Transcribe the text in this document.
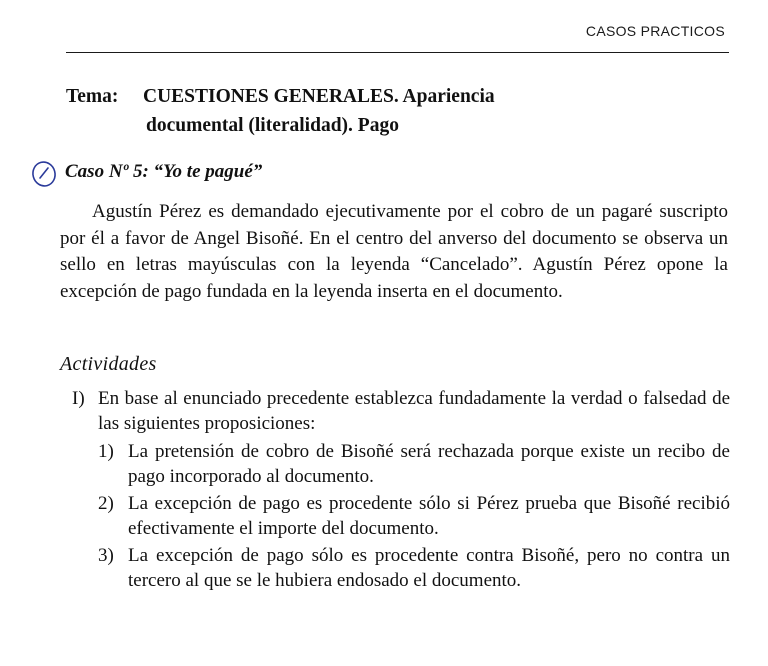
CASOS PRACTICOS
Tema: CUESTIONES GENERALES. Apariencia
documental (literalidad). Pago
Caso Nº 5: “Yo te pagué”

Agustín Pérez es demandado ejecutivamente por el cobro de un pagaré suscripto por él a favor de Angel Bisoñé. En el centro del anverso del documento se observa un sello en letras mayúsculas con la leyenda “Cancelado”. Agustín Pérez opone la excepción de pago fundada en la leyenda inserta en el documento.

Actividades
I) En base al enunciado precedente establezca fundadamente la verdad o falsedad de las siguientes proposiciones:
1) La pretensión de cobro de Bisoñé será rechazada porque existe un recibo de pago incorporado al documento.
2) La excepción de pago es procedente sólo si Pérez prueba que Bisoñé recibió efectivamente el importe del documento.
3) La excepción de pago sólo es procedente contra Bisoñé, pero no contra un tercero al que se le hubiera endosado el documento.
